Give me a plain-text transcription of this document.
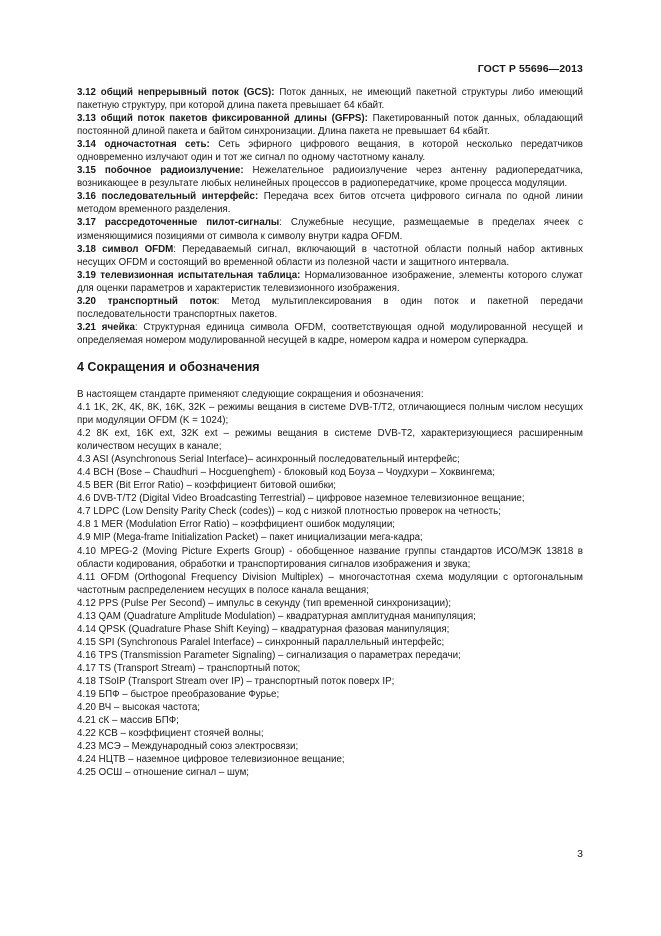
ГОСТ Р 55696—2013

3.12 общий непрерывный поток (GCS): Поток данных, не имеющий пакетной структуры либо имеющий пакетную структуру, при которой длина пакета превышает 64 кбайт.

3.13 общий поток пакетов фиксированной длины (GFPS): Пакетированный поток данных, обладающий постоянной длиной пакета и байтом синхронизации. Длина пакета не превышает 64 кбайт.

3.14 одночастотная сеть: Сеть эфирного цифрового вещания, в которой несколько передатчиков одновременно излучают один и тот же сигнал по одному частотному каналу.

3.15 побочное радиоизлучение: Нежелательное радиоизлучение через антенну радиопередатчика, возникающее в результате любых нелинейных процессов в радиопередатчике, кроме процесса модуляции.

3.16 последовательный интерфейс: Передача всех битов отсчета цифрового сигнала по одной линии методом временного разделения.

3.17 рассредоточенные пилот-сигналы: Служебные несущие, размещаемые в пределах ячеек с изменяющимися позициями от символа к символу внутри кадра OFDM.

3.18 символ OFDM: Передаваемый сигнал, включающий в частотной области полный набор активных несущих OFDM и состоящий во временной области из полезной части и защитного интервала.

3.19 телевизионная испытательная таблица: Нормализованное изображение, элементы которого служат для оценки параметров и характеристик телевизионного изображения.

3.20 транспортный поток: Метод мультиплексирования в один поток и пакетной передачи последовательности транспортных пакетов.

3.21 ячейка: Структурная единица символа OFDM, соответствующая одной модулированной несущей и определяемая номером модулированной несущей в кадре, номером кадра и номером суперкадра.

4 Сокращения и обозначения

В настоящем стандарте применяют следующие сокращения и обозначения:

4.1 1K, 2K, 4K, 8K, 16K, 32K – режимы вещания в системе DVB-T/T2, отличающиеся полным числом несущих при модуляции OFDM (K = 1024);

4.2 8K ext, 16K ext, 32K ext – режимы вещания в системе DVB-T2, характеризующиеся расширенным количеством несущих в канале;

4.3 ASI (Asynchronous Serial Interface)– асинхронный последовательный интерфейс;

4.4 BCH (Bose – Chaudhuri – Hocguenghem) - блоковый код Боуза – Чоудхури – Хоквингема;

4.5 BER (Bit Error Ratio) – коэффициент битовой ошибки;

4.6 DVB-T/T2 (Digital Video Broadcasting Terrestrial) – цифровое наземное телевизионное вещание;

4.7 LDPC (Low Density Parity Check (codes)) – код с низкой плотностью проверок на четность;

4.8 1 MER (Modulation Error Ratio) – коэффициент ошибок модуляции;

4.9 MIP (Mega-frame Initialization Packet) – пакет инициализации мега-кадра;

4.10 MPEG-2 (Moving Picture Experts Group) - обобщенное название группы стандартов ИСО/МЭК 13818 в области кодирования, обработки и транспортирования сигналов изображения и звука;

4.11 OFDM (Orthogonal Frequency Division Multiplex) – многочастотная схема модуляции с ортогональным частотным распределением несущих в полосе канала вещания;

4.12 PPS (Pulse Per Second) – импульс в секунду (тип временной синхронизации);

4.13 QAM (Quadrature Amplitude Modulation) – квадратурная амплитудная манипуляция;

4.14 QPSK (Quadrature Phase Shift Keying) – квадратурная фазовая манипуляция;

4.15 SPI (Synchronous Paralel Interface) – синхронный параллельный интерфейс;

4.16 TPS (Transmission Parameter Signaling) – сигнализация о параметрах передачи;

4.17 TS (Transport Stream) – транспортный поток;

4.18 TSoIP (Transport Stream over IP) – транспортный поток поверх IP;

4.19 БПФ – быстрое преобразование Фурье;

4.20 ВЧ – высокая частота;

4.21 сК – массив БПФ;

4.22 КСВ – коэффициент стоячей волны;

4.23 МСЭ – Международный союз электросвязи;

4.24 НЦТВ – наземное цифровое телевизионное вещание;

4.25 ОСШ – отношение сигнал – шум;

3
